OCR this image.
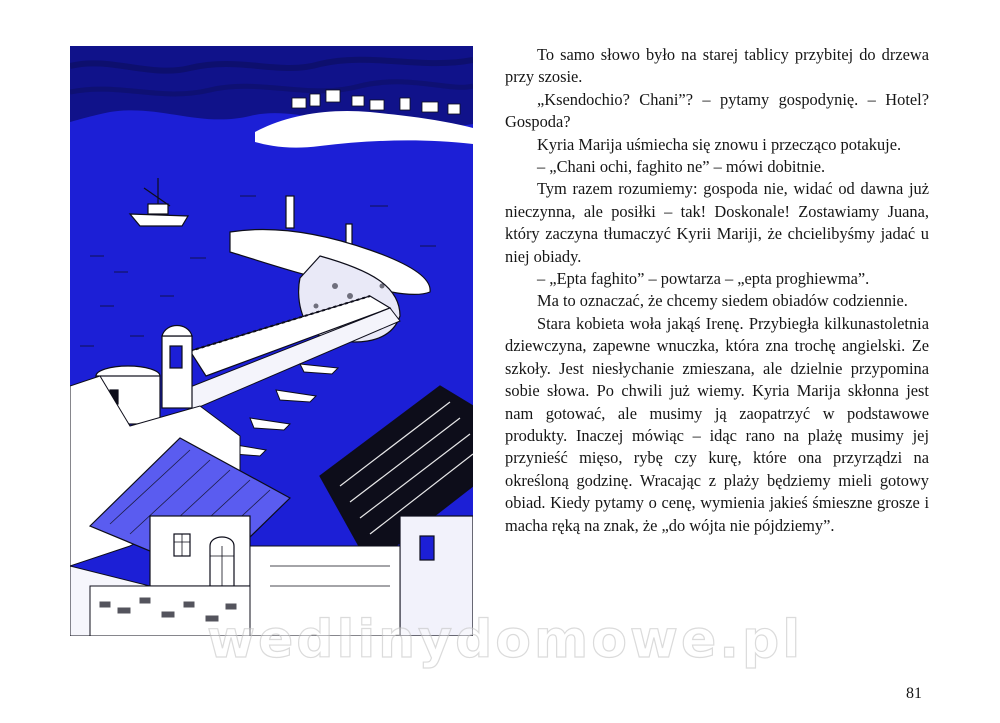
To samo słowo było na starej tablicy przybitej do drzewa przy szosie.

„Ksendochio? Chani”? – pytamy gospodynię. – Hotel? Gospoda?

Kyria Marija uśmiecha się znowu i przecząco potakuje.

– „Chani ochi, faghito ne” – mówi dobitnie.

Tym razem rozumiemy: gospoda nie, widać od dawna już nieczynna, ale posiłki – tak! Doskonale! Zostawiamy Juana, który zaczyna tłumaczyć Kyrii Mariji, że chcielibyśmy jadać u niej obiady.

– „Epta faghito” – powtarza – „epta proghiewma”.

Ma to oznaczać, że chcemy siedem obiadów codziennie.

Stara kobieta woła jakąś Irenę. Przybiegła kilkunastoletnia dziewczyna, zapewne wnuczka, która zna trochę angielski. Ze szkoły. Jest niesłychanie zmieszana, ale dzielnie przypomina sobie słowa. Po chwili już wiemy. Kyria Marija skłonna jest nam gotować, ale musimy ją zaopatrzyć w podstawowe produkty. Inaczej mówiąc – idąc rano na plażę musimy jej przynieść mięso, rybę czy kurę, które ona przyrządzi na określoną godzinę. Wracając z plaży będziemy mieli gotowy obiad. Kiedy pytamy o cenę, wymienia jakieś śmieszne grosze i macha ręką na znak, że „do wójta nie pójdziemy”.

wedlinydomowe.pl
81
